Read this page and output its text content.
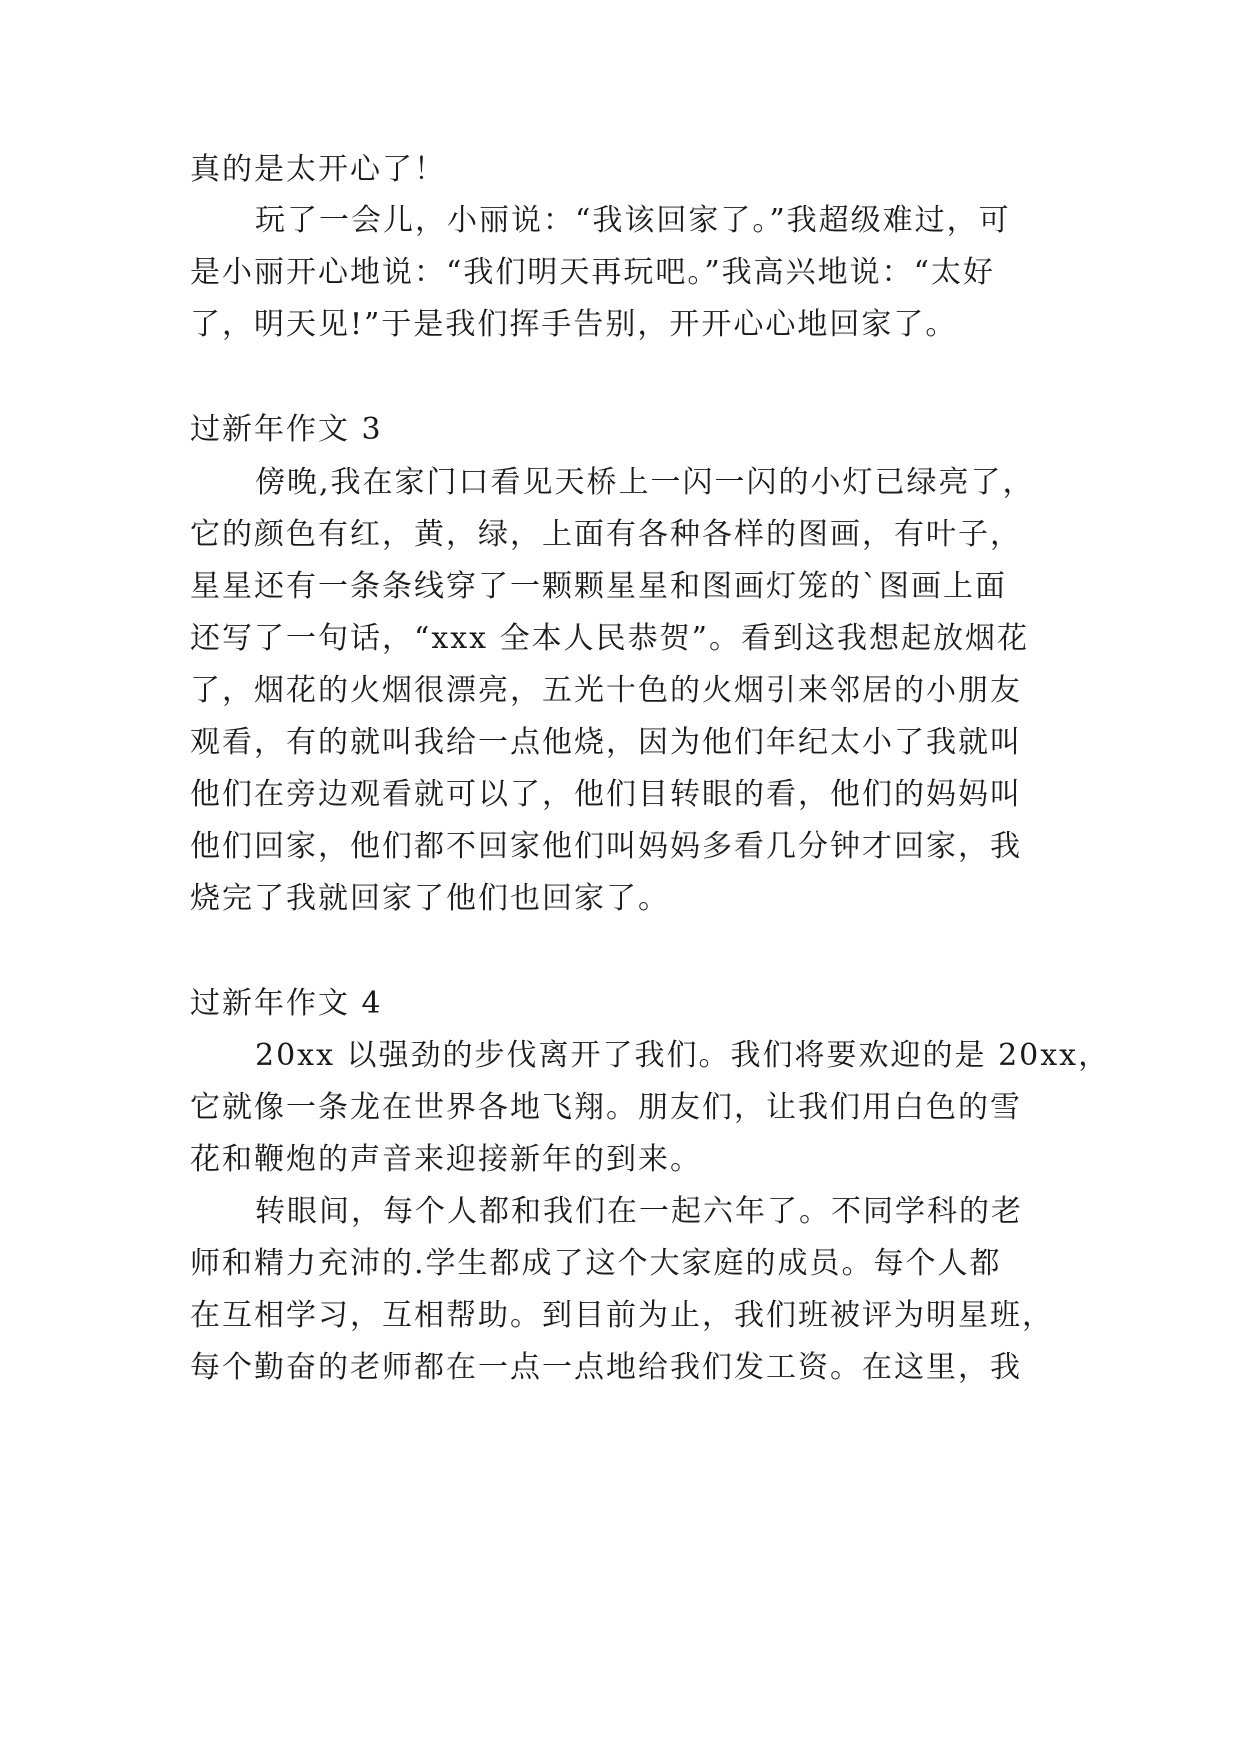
真的是太开心了！
玩了一会儿，小丽说：“我该回家了。”我超级难过，可
是小丽开心地说：“我们明天再玩吧。”我高兴地说：“太好
了，明天见!”于是我们挥手告别，开开心心地回家了。
过新年作文 3
傍晚,我在家门口看见天桥上一闪一闪的小灯已绿亮了，
它的颜色有红，黄，绿，上面有各种各样的图画，有叶子，
星星还有一条条线穿了一颗颗星星和图画灯笼的`图画上面
还写了一句话，“xxx 全本人民恭贺”。看到这我想起放烟花
了，烟花的火烟很漂亮，五光十色的火烟引来邻居的小朋友
观看，有的就叫我给一点他烧，因为他们年纪太小了我就叫
他们在旁边观看就可以了，他们目转眼的看，他们的妈妈叫
他们回家，他们都不回家他们叫妈妈多看几分钟才回家，我
烧完了我就回家了他们也回家了。
过新年作文 4
20xx 以强劲的步伐离开了我们。我们将要欢迎的是 20xx，
它就像一条龙在世界各地飞翔。朋友们，让我们用白色的雪
花和鞭炮的声音来迎接新年的到来。
转眼间，每个人都和我们在一起六年了。不同学科的老
师和精力充沛的.学生都成了这个大家庭的成员。每个人都
在互相学习，互相帮助。到目前为止，我们班被评为明星班，
每个勤奋的老师都在一点一点地给我们发工资。在这里，我
